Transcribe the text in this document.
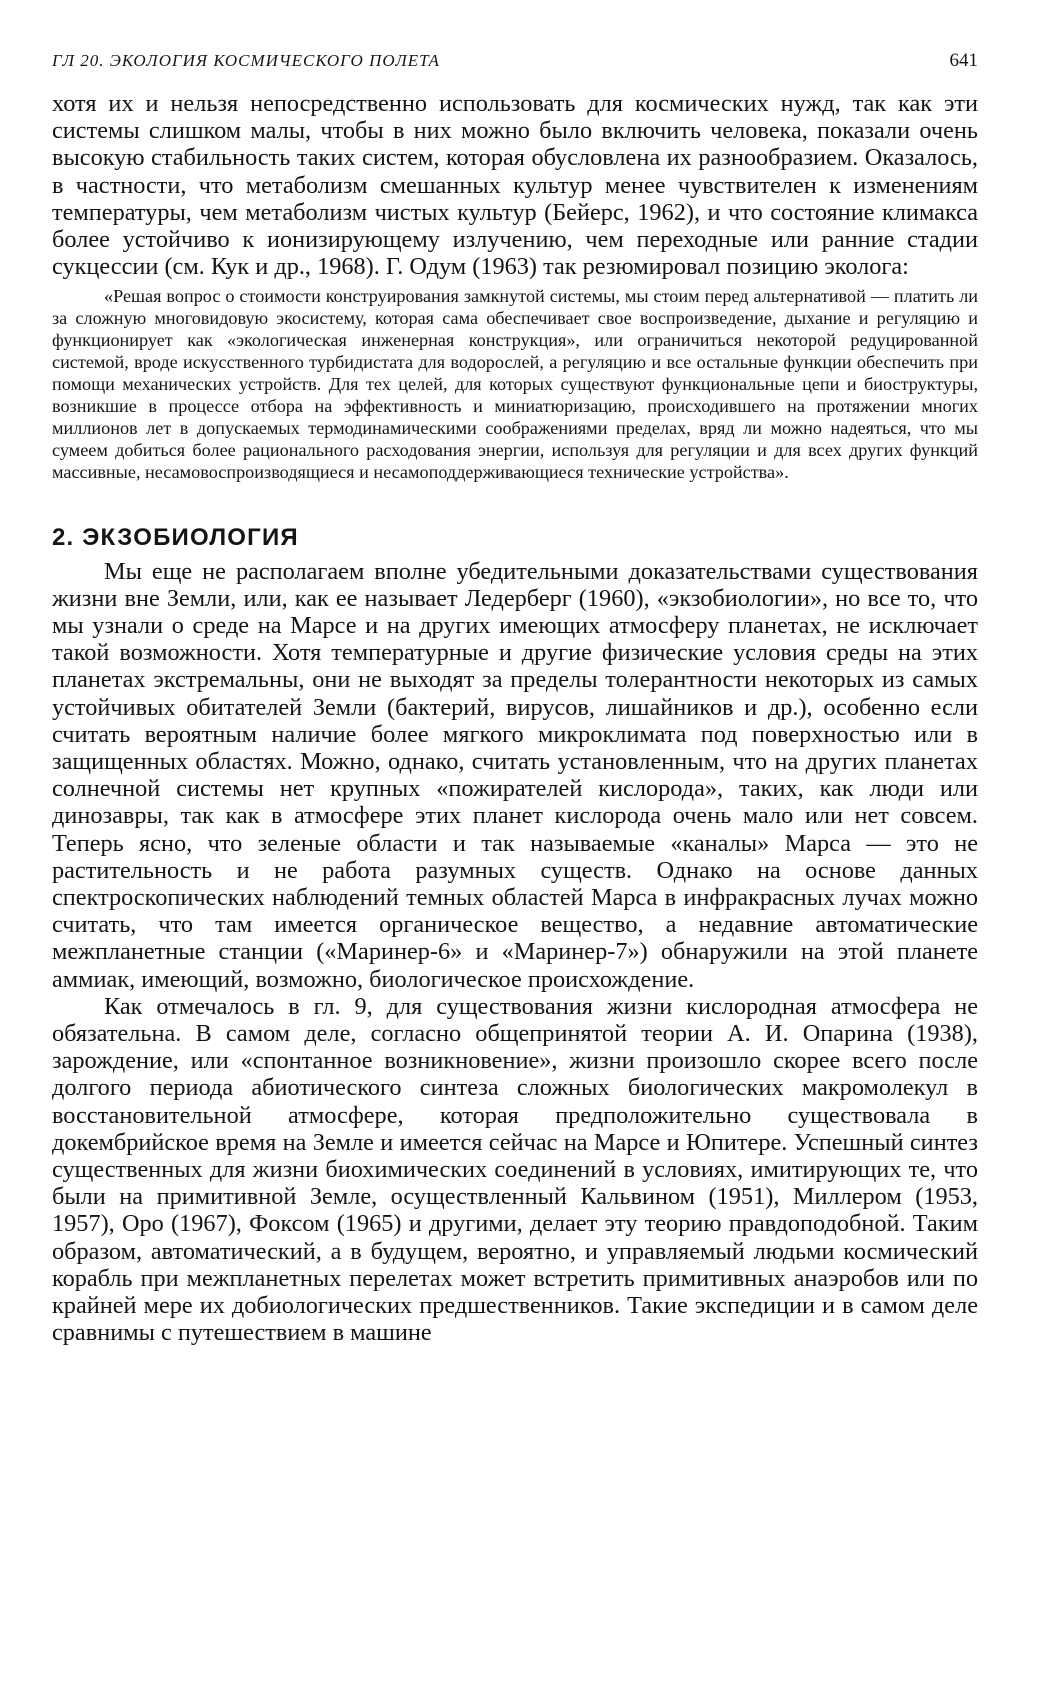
ГЛ 20. ЭКОЛОГИЯ КОСМИЧЕСКОГО ПОЛЕТА	641

хотя их и нельзя непосредственно использовать для космических нужд, так как эти системы слишком малы, чтобы в них можно было включить человека, показали очень высокую стабильность таких систем, которая обусловлена их разнообразием. Оказалось, в частности, что метаболизм смешанных культур менее чувствителен к изменениям температуры, чем метаболизм чистых культур (Бейерс, 1962), и что состояние климакса более устойчиво к ионизирующему излучению, чем переходные или ранние стадии сукцессии (см. Кук и др., 1968). Г. Одум (1963) так резюмировал позицию эколога:

«Решая вопрос о стоимости конструирования замкнутой системы, мы стоим перед альтернативой — платить ли за сложную многовидовую экосистему, которая сама обеспечивает свое воспроизведение, дыхание и регуляцию и функционирует как «экологическая инженерная конструкция», или ограничиться некоторой редуцированной системой, вроде искусственного турбидистата для водорослей, а регуляцию и все остальные функции обеспечить при помощи механических устройств. Для тех целей, для которых существуют функциональные цепи и биоструктуры, возникшие в процессе отбора на эффективность и миниатюризацию, происходившего на протяжении многих миллионов лет в допускаемых термодинамическими соображениями пределах, вряд ли можно надеяться, что мы сумеем добиться более рационального расходования энергии, используя для регуляции и для всех других функций массивные, несамовоспроизводящиеся и несамоподдерживающиеся технические устройства».

2. ЭКЗОБИОЛОГИЯ

Мы еще не располагаем вполне убедительными доказательствами существования жизни вне Земли, или, как ее называет Ледерберг (1960), «экзобиологии», но все то, что мы узнали о среде на Марсе и на других имеющих атмосферу планетах, не исключает такой возможности. Хотя температурные и другие физические условия среды на этих планетах экстремальны, они не выходят за пределы толерантности некоторых из самых устойчивых обитателей Земли (бактерий, вирусов, лишайников и др.), особенно если считать вероятным наличие более мягкого микроклимата под поверхностью или в защищенных областях. Можно, однако, считать установленным, что на других планетах солнечной системы нет крупных «пожирателей кислорода», таких, как люди или динозавры, так как в атмосфере этих планет кислорода очень мало или нет совсем. Теперь ясно, что зеленые области и так называемые «каналы» Марса — это не растительность и не работа разумных существ. Однако на основе данных спектроскопических наблюдений темных областей Марса в инфракрасных лучах можно считать, что там имеется органическое вещество, а недавние автоматические межпланетные станции («Маринер-6» и «Маринер-7») обнаружили на этой планете аммиак, имеющий, возможно, биологическое происхождение.

Как отмечалось в гл. 9, для существования жизни кислородная атмосфера не обязательна. В самом деле, согласно общепринятой теории А. И. Опарина (1938), зарождение, или «спонтанное возникновение», жизни произошло скорее всего после долгого периода абиотического синтеза сложных биологических макромолекул в восстановительной атмосфере, которая предположительно существовала в докембрийское время на Земле и имеется сейчас на Марсе и Юпитере. Успешный синтез существенных для жизни биохимических соединений в условиях, имитирующих те, что были на примитивной Земле, осуществленный Кальвином (1951), Миллером (1953, 1957), Оро (1967), Фоксом (1965) и другими, делает эту теорию правдоподобной. Таким образом, автоматический, а в будущем, вероятно, и управляемый людьми космический корабль при межпланетных перелетах может встретить примитивных анаэробов или по крайней мере их добиологических предшественников. Такие экспедиции и в самом деле сравнимы с путешествием в машине
